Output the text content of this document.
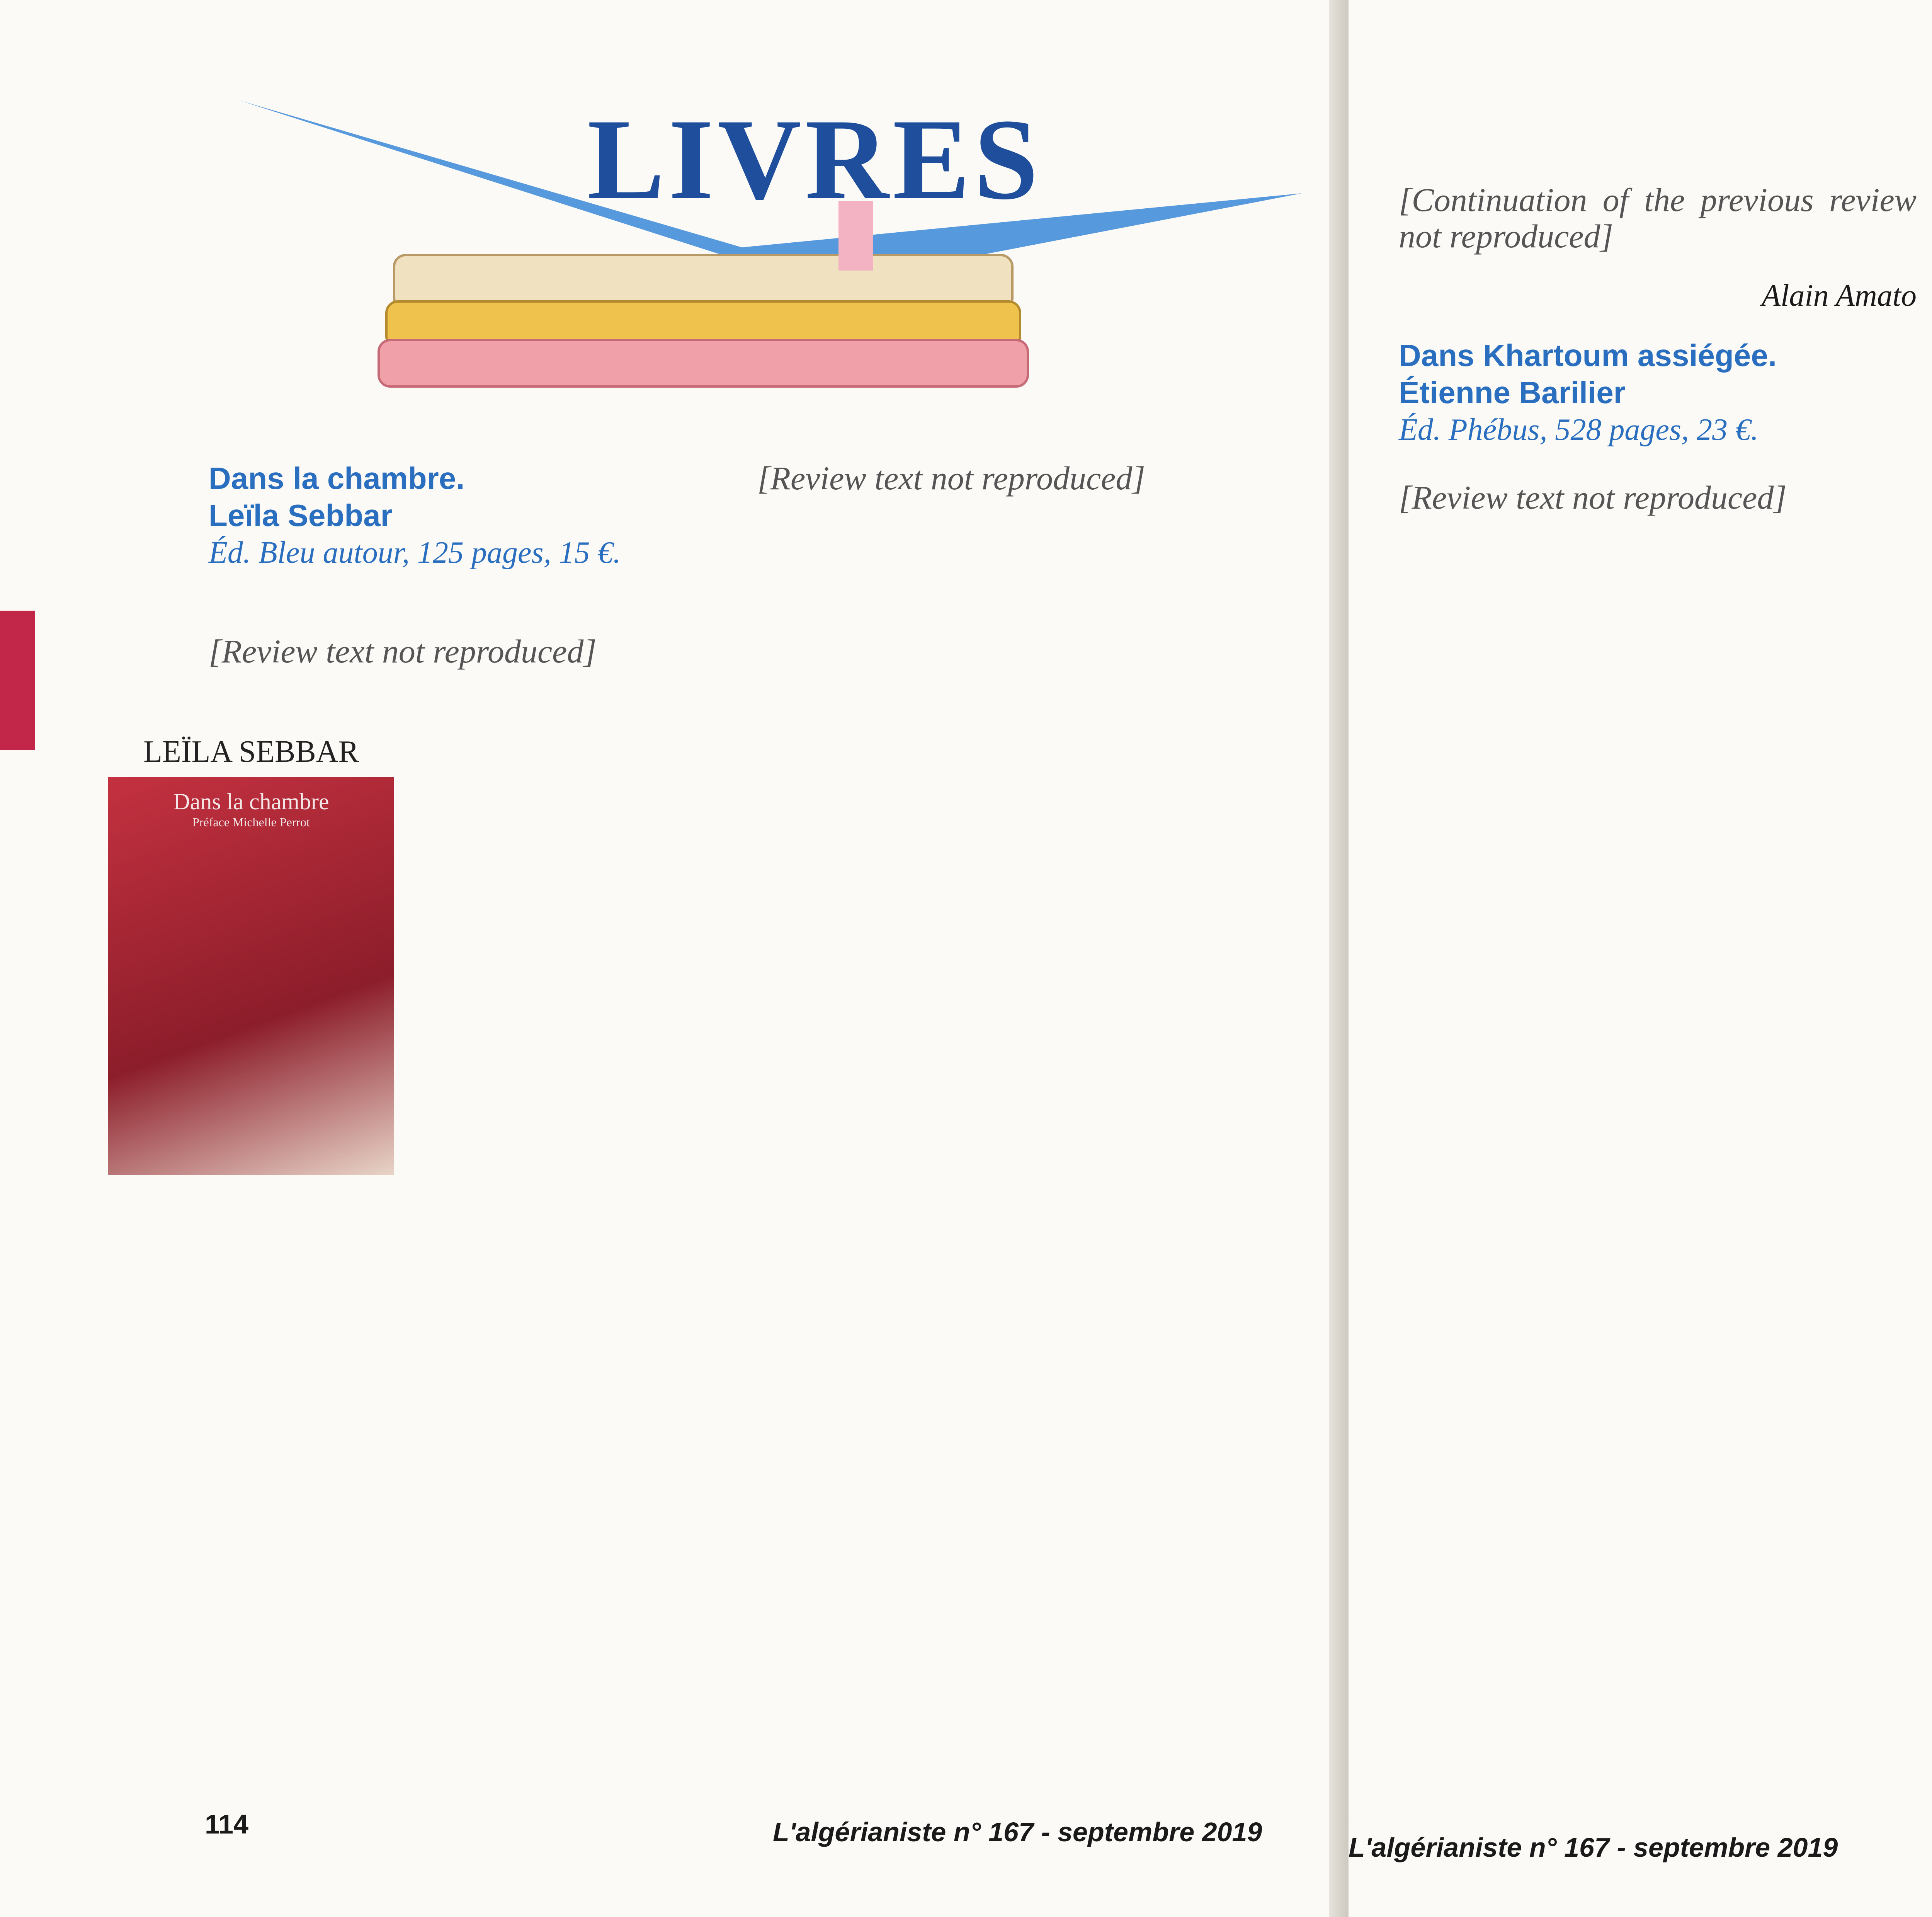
LIVRES
Dans la chambre.
Leïla Sebbar
Éd. Bleu autour, 125 pages, 15 €.

[Review text not reproduced]

LEÏLA SEBBAR
Dans la chambre
Préface Michelle Perrot

[Review text not reproduced]

114	L'algérianiste n° 167 - septembre 2019

[Continuation of the previous review not reproduced]

Alain Amato
Dans Khartoum assiégée.
Étienne Barilier
Éd. Phébus, 528 pages, 23 €.

[Review text not reproduced]

L'algérianiste n° 167 - septembre 2019
